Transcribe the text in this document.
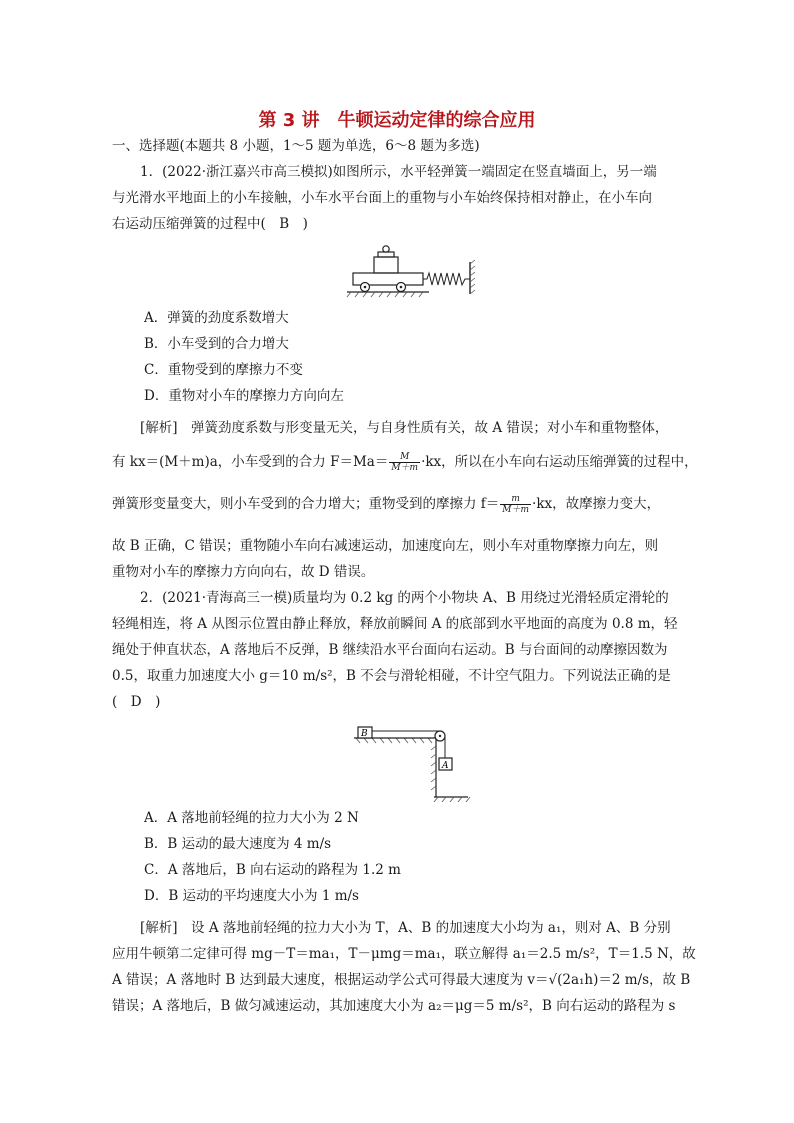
第 3 讲　牛顿运动定律的综合应用
一、选择题(本题共 8 小题，1～5 题为单选，6～8 题为多选)
1．(2022·浙江嘉兴市高三模拟)如图所示，水平轻弹簧一端固定在竖直墙面上，另一端
与光滑水平地面上的小车接触，小车水平台面上的重物与小车始终保持相对静止，在小车向
右运动压缩弹簧的过程中(　B　)
A．弹簧的劲度系数增大
B．小车受到的合力增大
C．重物受到的摩擦力不变
D．重物对小车的摩擦力方向向左
[解析]　弹簧劲度系数与形变量无关，与自身性质有关，故 A 错误；对小车和重物整体，
有 kx＝(M＋m)a，小车受到的合力 $F=Ma= \frac{M}{M+m} \cdot kx$，所以在小车向右运动压缩弹簧的过程中，
弹簧形变量变大，则小车受到的合力增大；重物受到的摩擦力 $f= \frac{m}{M+m} \cdot kx$，故摩擦力变大，
故 B 正确，C 错误；重物随小车向右减速运动，加速度向左，则小车对重物摩擦力向左，则
重物对小车的摩擦力方向向右，故 D 错误。
2．(2021·青海高三一模)质量均为 0.2 kg 的两个小物块 A、B 用绕过光滑轻质定滑轮的
轻绳相连，将 A 从图示位置由静止释放，释放前瞬间 A 的底部到水平地面的高度为 0.8 m，轻
绳处于伸直状态，A 落地后不反弹，B 继续沿水平台面向右运动。B 与台面间的动摩擦因数为
0.5，取重力加速度大小 g＝10 m/s²，B 不会与滑轮相碰，不计空气阻力。下列说法正确的是
(　D　)
B
A
A．A 落地前轻绳的拉力大小为 2 N
B．B 运动的最大速度为 4 m/s
C．A 落地后，B 向右运动的路程为 1.2 m
D．B 运动的平均速度大小为 1 m/s
[解析]　设 A 落地前轻绳的拉力大小为 T，A、B 的加速度大小均为 a₁，则对 A、B 分别
应用牛顿第二定律可得 mg－T＝ma₁，T－μmg＝ma₁，联立解得 a₁＝2.5 m/s²，T＝1.5 N，故
A 错误；A 落地时 B 达到最大速度，根据运动学公式可得最大速度为 v＝√(2a₁h)＝2 m/s，故 B
错误；A 落地后，B 做匀减速运动，其加速度大小为 a₂＝μg＝5 m/s²，B 向右运动的路程为 s
